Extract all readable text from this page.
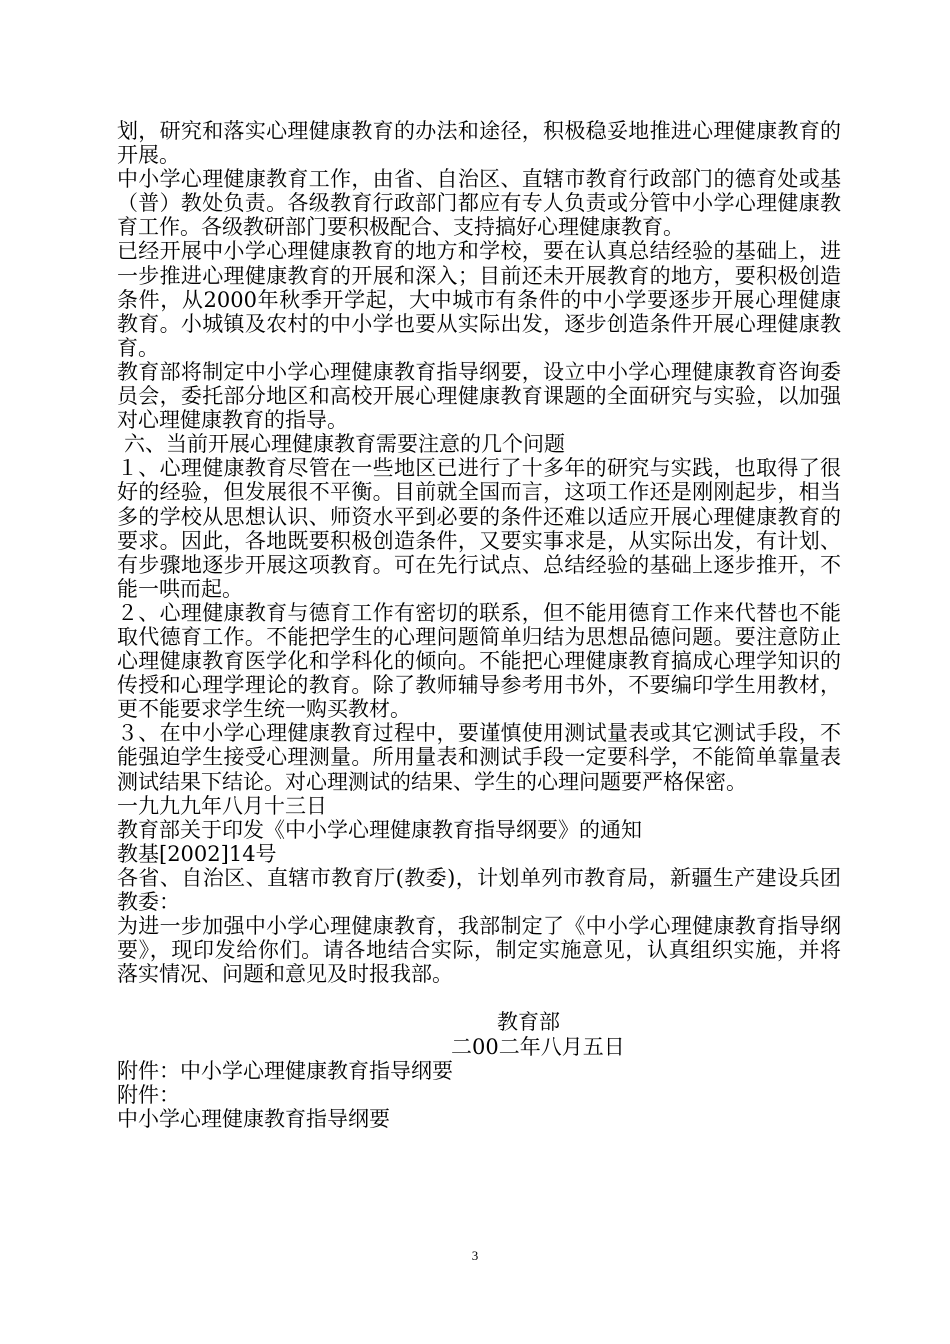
划，研究和落实心理健康教育的办法和途径，积极稳妥地推进心理健康教育的开展。

中小学心理健康教育工作，由省、自治区、直辖市教育行政部门的德育处或基（普）教处负责。各级教育行政部门都应有专人负责或分管中小学心理健康教育工作。各级教研部门要积极配合、支持搞好心理健康教育。

已经开展中小学心理健康教育的地方和学校，要在认真总结经验的基础上，进一步推进心理健康教育的开展和深入；目前还未开展教育的地方，要积极创造条件，从2000年秋季开学起，大中城市有条件的中小学要逐步开展心理健康教育。小城镇及农村的中小学也要从实际出发，逐步创造条件开展心理健康教育。

教育部将制定中小学心理健康教育指导纲要，设立中小学心理健康教育咨询委员会，委托部分地区和高校开展心理健康教育课题的全面研究与实验，以加强对心理健康教育的指导。

六、当前开展心理健康教育需要注意的几个问题

１、心理健康教育尽管在一些地区已进行了十多年的研究与实践，也取得了很好的经验，但发展很不平衡。目前就全国而言，这项工作还是刚刚起步，相当多的学校从思想认识、师资水平到必要的条件还难以适应开展心理健康教育的要求。因此，各地既要积极创造条件，又要实事求是，从实际出发，有计划、有步骤地逐步开展这项教育。可在先行试点、总结经验的基础上逐步推开，不能一哄而起。

２、心理健康教育与德育工作有密切的联系，但不能用德育工作来代替也不能取代德育工作。不能把学生的心理问题简单归结为思想品德问题。要注意防止心理健康教育医学化和学科化的倾向。不能把心理健康教育搞成心理学知识的传授和心理学理论的教育。除了教师辅导参考用书外，不要编印学生用教材，更不能要求学生统一购买教材。

３、在中小学心理健康教育过程中，要谨慎使用测试量表或其它测试手段，不能强迫学生接受心理测量。所用量表和测试手段一定要科学，不能简单靠量表测试结果下结论。对心理测试的结果、学生的心理问题要严格保密。

一九九九年八月十三日

教育部关于印发《中小学心理健康教育指导纲要》的通知

教基[2002]14号

各省、自治区、直辖市教育厅(教委)，计划单列市教育局，新疆生产建设兵团教委：

为进一步加强中小学心理健康教育，我部制定了《中小学心理健康教育指导纲要》，现印发给你们。请各地结合实际，制定实施意见，认真组织实施，并将落实情况、问题和意见及时报我部。

教育部

二00二年八月五日

附件：中小学心理健康教育指导纲要

附件：

中小学心理健康教育指导纲要

3
